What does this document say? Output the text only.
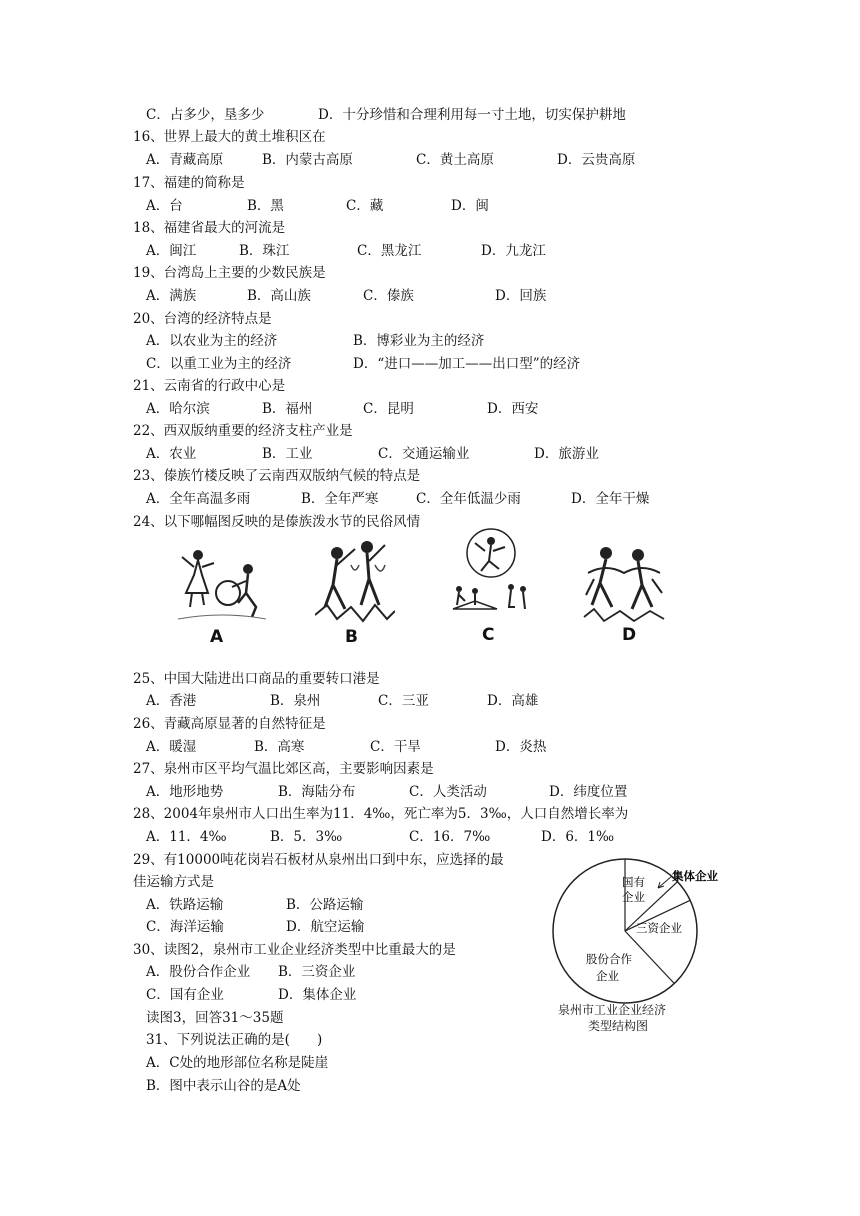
C．占多少，垦多少	D．十分珍惜和合理利用每一寸土地，切实保护耕地
16、世界上最大的黄土堆积区在
A．青藏高原	B．内蒙古高原	C．黄土高原	D．云贵高原
17、福建的简称是
A．台	B．黑	C．藏	D．闽
18、福建省最大的河流是
A．闽江	B．珠江	C．黑龙江	D．九龙江
19、台湾岛上主要的少数民族是
A．满族	B．高山族	C．傣族	D．回族
20、台湾的经济特点是
A．以农业为主的经济	B．博彩业为主的经济
C．以重工业为主的经济	D．“进口——加工——出口型”的经济
21、云南省的行政中心是
A．哈尔滨	B．福州	C．昆明	D．西安
22、西双版纳重要的经济支柱产业是
A．农业	B．工业	C．交通运输业	D．旅游业
23、傣族竹楼反映了云南西双版纳气候的特点是
A．全年高温多雨	B．全年严寒	C．全年低温少雨	D．全年干燥
24、以下哪幅图反映的是傣族泼水节的民俗风情
25、中国大陆进出口商品的重要转口港是
A．香港	B．泉州	C．三亚	D．高雄
26、青藏高原显著的自然特征是
A．暖湿	B．高寒	C．干旱	D．炎热
27、泉州市区平均气温比郊区高，主要影响因素是
A．地形地势	B．海陆分布	C．人类活动	D．纬度位置
28、2004年泉州市人口出生率为11．4‰，死亡率为5．3‰，人口自然增长率为
A．11．4‰	B．5．3‰	C．16．7‰	D．6．1‰
29、有10000吨花岗岩石板材从泉州出口到中东，应选择的最
佳运输方式是
A．铁路运输	B．公路运输
C．海洋运输	D．航空运输
30、读图2，泉州市工业企业经济类型中比重最大的是
A．股份合作企业 B．三资企业
C．国有企业	D．集体企业
读图3，回答31～35题
31、下列说法正确的是(　　)
A．C处的地形部位名称是陡崖
B．图中表示山谷的是A处
A	B	C	D
国有
企业
集体企业
三资企业
股份合作
企业
泉州市工业企业经济
类型结构图
